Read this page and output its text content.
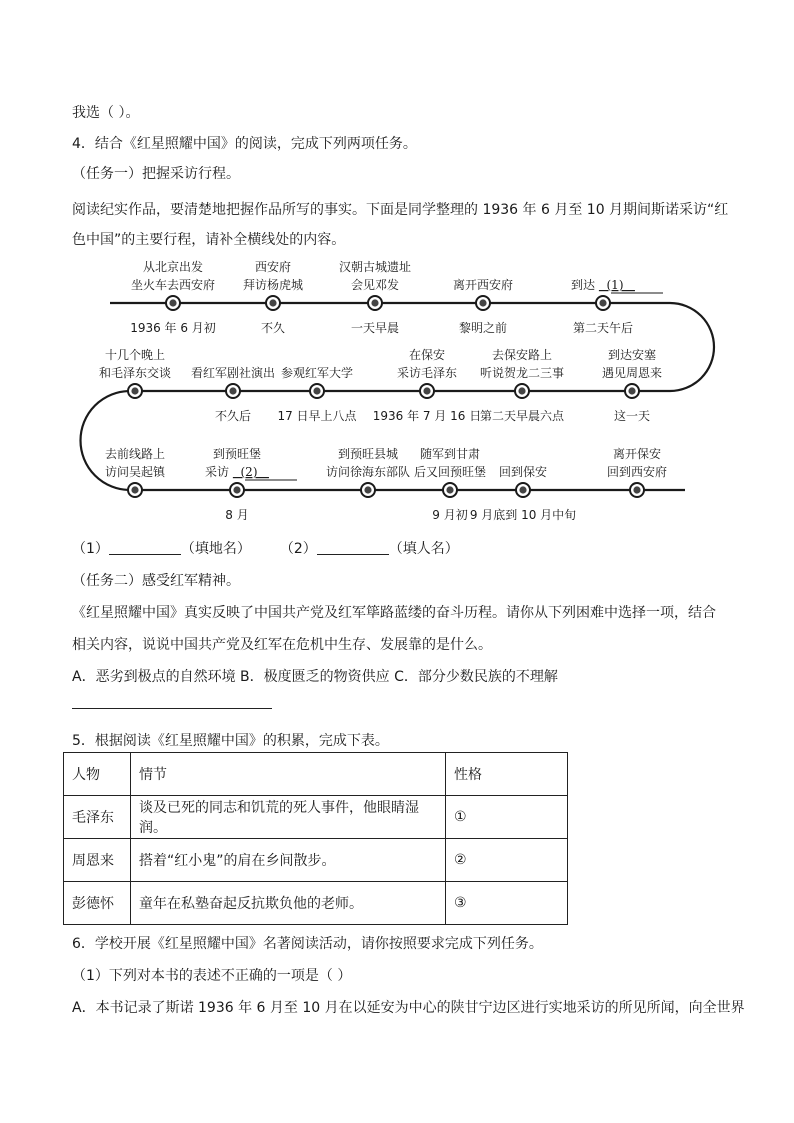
我选（ ）。
4．结合《红星照耀中国》的阅读，完成下列两项任务。
（任务一）把握采访行程。
阅读纪实作品，要清楚地把握作品所写的事实。下面是同学整理的 1936 年 6 月至 10 月期间斯诺采访“红
色中国”的主要行程，请补全横线处的内容。
从北京出发
坐火车去西安府
1936 年 6 月初
西安府
拜访杨虎城
不久
汉朝古城遗址
会见邓发
一天早晨
离开西安府
黎明之前
到达   (1)
第二天午后
到达安塞
遇见周恩来
这一天
去保安路上
听说贺龙二三事
第二天早晨六点
在保安
采访毛泽东
1936 年 7 月 16 日
参观红军大学
17 日早上八点
看红军剧社演出
不久后
十几个晚上
和毛泽东交谈
去前线路上
访问吴起镇
到预旺堡
采访   (2)
8 月
到预旺县城
访问徐海东部队
随军到甘肃
后又回预旺堡
9 月初
回到保安
9 月底到 10 月中旬
离开保安
回到西安府
（1）	（填地名） （2）	（填人名）
（任务二）感受红军精神。
《红星照耀中国》真实反映了中国共产党及红军筚路蓝缕的奋斗历程。请你从下列困难中选择一项，结合
相关内容，说说中国共产党及红军在危机中生存、发展靠的是什么。
A．恶劣到极点的自然环境 B．极度匮乏的物资供应 C．部分少数民族的不理解
5．根据阅读《红星照耀中国》的积累，完成下表。
人物	情节	性格
毛泽东	谈及已死的同志和饥荒的死人事件，他眼睛湿润。	①
周恩来	搭着“红小鬼”的肩在乡间散步。	②
彭德怀	童年在私塾奋起反抗欺负他的老师。	③
6．学校开展《红星照耀中国》名著阅读活动，请你按照要求完成下列任务。
（1）下列对本书的表述不正确的一项是（ ）
A．本书记录了斯诺 1936 年 6 月至 10 月在以延安为中心的陕甘宁边区进行实地采访的所见所闻，向全世界
